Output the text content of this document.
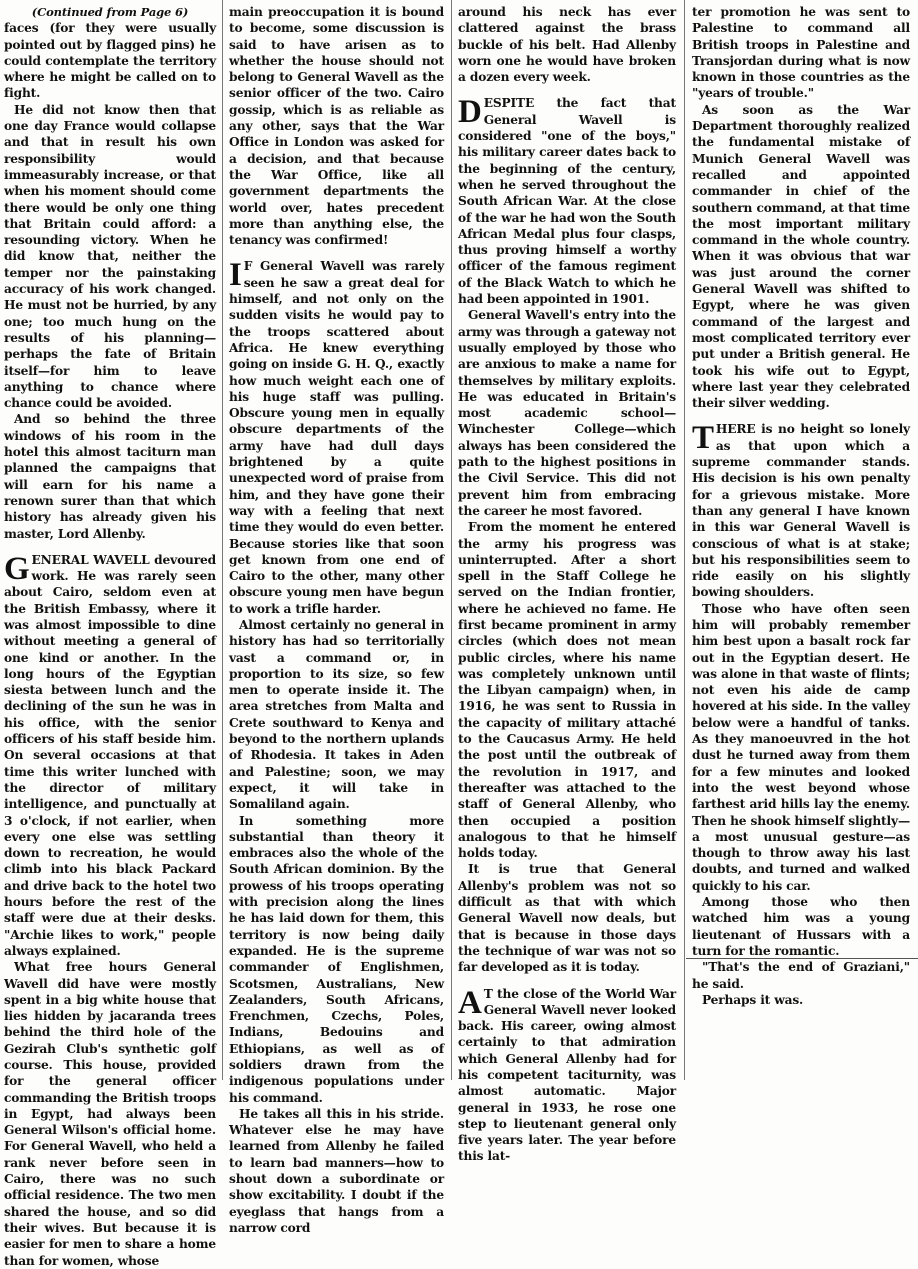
(Continued from Page 6)

faces (for they were usually pointed out by flagged pins) he could contemplate the territory where he might be called on to fight.

He did not know then that one day France would collapse and that in result his own responsibility would immeasurably increase, or that when his moment should come there would be only one thing that Britain could afford: a resounding victory. When he did know that, neither the temper nor the painstaking accuracy of his work changed. He must not be hurried, by any one; too much hung on the results of his planning—perhaps the fate of Britain itself—for him to leave anything to chance where chance could be avoided.

And so behind the three windows of his room in the hotel this almost taciturn man planned the campaigns that will earn for his name a renown surer than that which history has already given his master, Lord Allenby.

GENERAL WAVELL devoured work. He was rarely seen about Cairo, seldom even at the British Embassy, where it was almost impossible to dine without meeting a general of one kind or another. In the long hours of the Egyptian siesta between lunch and the declining of the sun he was in his office, with the senior officers of his staff beside him. On several occasions at that time this writer lunched with the director of military intelligence, and punctually at 3 o'clock, if not earlier, when every one else was settling down to recreation, he would climb into his black Packard and drive back to the hotel two hours before the rest of the staff were due at their desks. "Archie likes to work," people always explained.

What free hours General Wavell did have were mostly spent in a big white house that lies hidden by jacaranda trees behind the third hole of the Gezirah Club's synthetic golf course. This house, provided for the general officer commanding the British troops in Egypt, had always been General Wilson's official home. For General Wavell, who held a rank never before seen in Cairo, there was no such official residence. The two men shared the house, and so did their wives. But because it is easier for men to share a home than for women, whose

main preoccupation it is bound to become, some discussion is said to have arisen as to whether the house should not belong to General Wavell as the senior officer of the two. Cairo gossip, which is as reliable as any other, says that the War Office in London was asked for a decision, and that because the War Office, like all government departments the world over, hates precedent more than anything else, the tenancy was confirmed!

I F General Wavell was rarely seen he saw a great deal for himself, and not only on the sudden visits he would pay to the troops scattered about Africa. He knew everything going on inside G. H. Q., exactly how much weight each one of his huge staff was pulling. Obscure young men in equally obscure departments of the army have had dull days brightened by a quite unexpected word of praise from him, and they have gone their way with a feeling that next time they would do even better. Because stories like that soon get known from one end of Cairo to the other, many other obscure young men have begun to work a trifle harder.

Almost certainly no general in history has had so territorially vast a command or, in proportion to its size, so few men to operate inside it. The area stretches from Malta and Crete southward to Kenya and beyond to the northern uplands of Rhodesia. It takes in Aden and Palestine; soon, we may expect, it will take in Somaliland again.

In something more substantial than theory it embraces also the whole of the South African dominion. By the prowess of his troops operating with precision along the lines he has laid down for them, this territory is now being daily expanded. He is the supreme commander of Englishmen, Scotsmen, Australians, New Zealanders, South Africans, Frenchmen, Czechs, Poles, Indians, Bedouins and Ethiopians, as well as of soldiers drawn from the indigenous populations under his command.

He takes all this in his stride. Whatever else he may have learned from Allenby he failed to learn bad manners—how to shout down a subordinate or show excitability. I doubt if the eyeglass that hangs from a narrow cord

around his neck has ever clattered against the brass buckle of his belt. Had Allenby worn one he would have broken a dozen every week.

DESPITE the fact that General Wavell is considered "one of the boys," his military career dates back to the beginning of the century, when he served throughout the South African War. At the close of the war he had won the South African Medal plus four clasps, thus proving himself a worthy officer of the famous regiment of the Black Watch to which he had been appointed in 1901.

General Wavell's entry into the army was through a gateway not usually employed by those who are anxious to make a name for themselves by military exploits. He was educated in Britain's most academic school—Winchester College—which always has been considered the path to the highest positions in the Civil Service. This did not prevent him from embracing the career he most favored.

From the moment he entered the army his progress was uninterrupted. After a short spell in the Staff College he served on the Indian frontier, where he achieved no fame. He first became prominent in army circles (which does not mean public circles, where his name was completely unknown until the Libyan campaign) when, in 1916, he was sent to Russia in the capacity of military attaché to the Caucasus Army. He held the post until the outbreak of the revolution in 1917, and thereafter was attached to the staff of General Allenby, who then occupied a position analogous to that he himself holds today.

It is true that General Allenby's problem was not so difficult as that with which General Wavell now deals, but that is because in those days the technique of war was not so far developed as it is today.

A T the close of the World War General Wavell never looked back. His career, owing almost certainly to that admiration which General Allenby had for his competent taciturnity, was almost automatic. Major general in 1933, he rose one step to lieutenant general only five years later. The year before this lat-

ter promotion he was sent to Palestine to command all British troops in Palestine and Transjordan during what is now known in those countries as the "years of trouble."

As soon as the War Department thoroughly realized the fundamental mistake of Munich General Wavell was recalled and appointed commander in chief of the southern command, at that time the most important military command in the whole country. When it was obvious that war was just around the corner General Wavell was shifted to Egypt, where he was given command of the largest and most complicated territory ever put under a British general. He took his wife out to Egypt, where last year they celebrated their silver wedding.

THERE is no height so lonely as that upon which a supreme commander stands. His decision is his own penalty for a grievous mistake. More than any general I have known in this war General Wavell is conscious of what is at stake; but his responsibilities seem to ride easily on his slightly bowing shoulders.

Those who have often seen him will probably remember him best upon a basalt rock far out in the Egyptian desert. He was alone in that waste of flints; not even his aide de camp hovered at his side. In the valley below were a handful of tanks. As they manoeuvred in the hot dust he turned away from them for a few minutes and looked into the west beyond whose farthest arid hills lay the enemy. Then he shook himself slightly—a most unusual gesture—as though to throw away his last doubts, and turned and walked quickly to his car.

Among those who then watched him was a young lieutenant of Hussars with a turn for the romantic.

"That's the end of Graziani," he said.

Perhaps it was.
